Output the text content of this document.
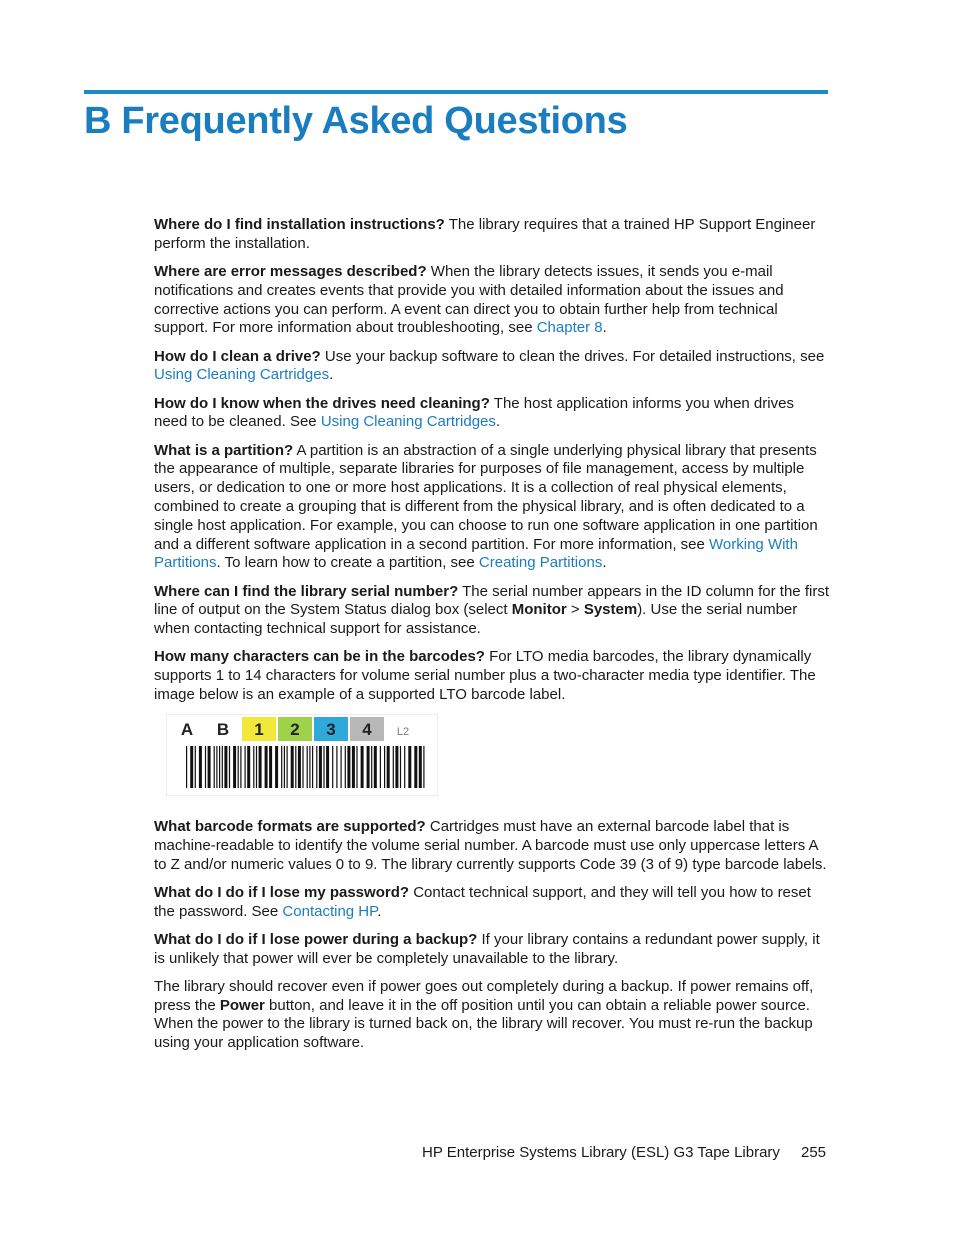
B Frequently Asked Questions

Where do I find installation instructions? The library requires that a trained HP Support Engineer perform the installation.

Where are error messages described? When the library detects issues, it sends you e-mail notifications and creates events that provide you with detailed information about the issues and corrective actions you can perform. A event can direct you to obtain further help from technical support. For more information about troubleshooting, see Chapter 8.

How do I clean a drive? Use your backup software to clean the drives. For detailed instructions, see Using Cleaning Cartridges.

How do I know when the drives need cleaning? The host application informs you when drives need to be cleaned. See Using Cleaning Cartridges.

What is a partition? A partition is an abstraction of a single underlying physical library that presents the appearance of multiple, separate libraries for purposes of file management, access by multiple users, or dedication to one or more host applications. It is a collection of real physical elements, combined to create a grouping that is different from the physical library, and is often dedicated to a single host application. For example, you can choose to run one software application in one partition and a different software application in a second partition. For more information, see Working With Partitions. To learn how to create a partition, see Creating Partitions.

Where can I find the library serial number? The serial number appears in the ID column for the first line of output on the System Status dialog box (select Monitor > System). Use the serial number when contacting technical support for assistance.

How many characters can be in the barcodes? For LTO media barcodes, the library dynamically supports 1 to 14 characters for volume serial number plus a two-character media type identifier. The image below is an example of a supported LTO barcode label.

A B 1 2 3 4 L2

What barcode formats are supported? Cartridges must have an external barcode label that is machine-readable to identify the volume serial number. A barcode must use only uppercase letters A to Z and/or numeric values 0 to 9. The library currently supports Code 39 (3 of 9) type barcode labels.

What do I do if I lose my password? Contact technical support, and they will tell you how to reset the password. See Contacting HP.

What do I do if I lose power during a backup? If your library contains a redundant power supply, it is unlikely that power will ever be completely unavailable to the library.

The library should recover even if power goes out completely during a backup. If power remains off, press the Power button, and leave it in the off position until you can obtain a reliable power source. When the power to the library is turned back on, the library will recover. You must re-run the backup using your application software.

HP Enterprise Systems Library (ESL) G3 Tape Library 255
